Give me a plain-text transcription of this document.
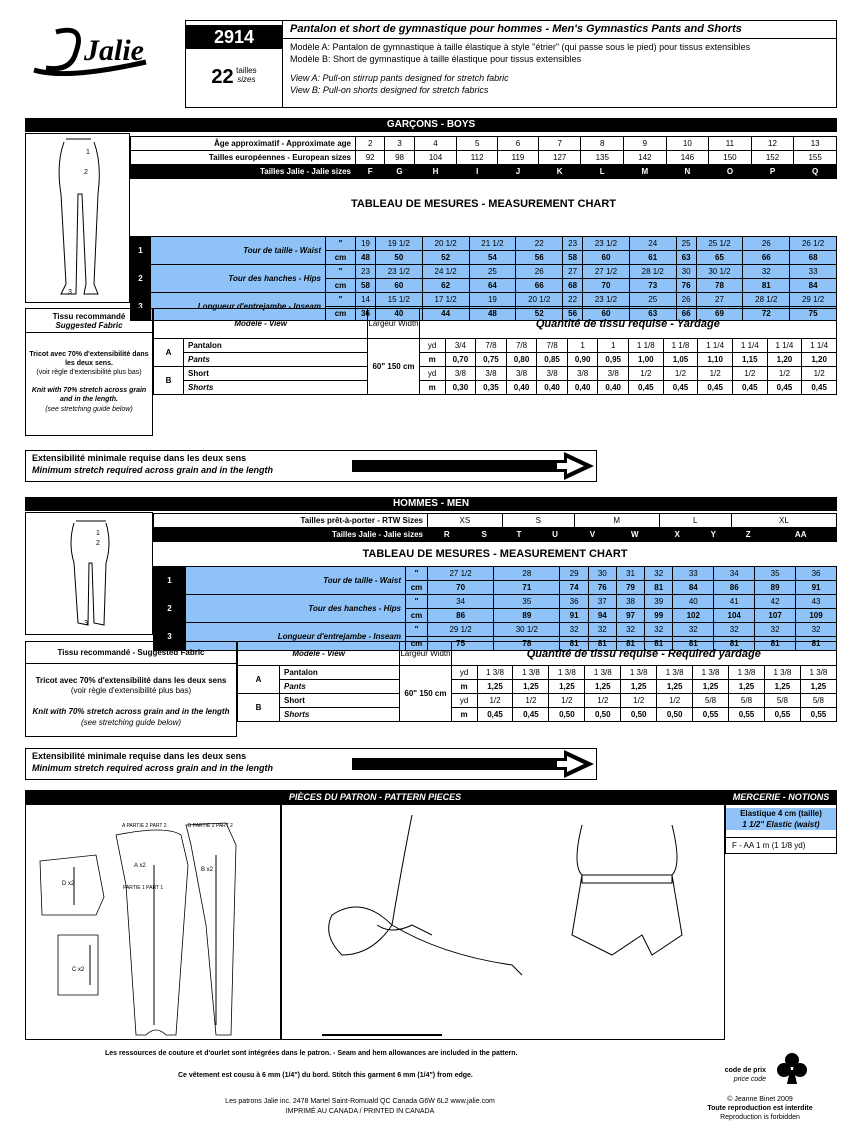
Jalie	2914
22 tailles
sizes
Pantalon et short de gymnastique pour hommes - Men's Gymnastics Pants and Shorts
Modèle A: Pantalon de gymnastique à taille élastique à style "étrier" (qui passe sous le pied) pour tissus extensibles
Modèle B: Short de gymnastique à taille élastique pour tissus extensibles
View A: Pull-on stirrup pants designed for stretch fabric
View B: Pull-on shorts designed for stretch fabrics
GARÇONS - BOYS
1
2
3
Âge approximatif - Approximate age	2	3	4	5	6	7	8	9	10	11	12	13
Tailles européennes - European sizes	92	98	104	112	119	127	135	142	146	150	152	155
Tailles Jalie - Jalie sizes	F	G	H	I	J	K	L	M	N	O	P	Q
TABLEAU DE MESURES - MEASUREMENT CHART
1	Tour de taille - Waist	"	19	19 1/2	20 1/2	21 1/2	22	23	23 1/2	24	25	25 1/2	26	26 1/2
		cm	48	50	52	54	56	58	60	61	63	65	66	68
2	Tour des hanches - Hips	"	23	23 1/2	24 1/2	25	26	27	27 1/2	28 1/2	30	30 1/2	32	33
		cm	58	60	62	64	66	68	70	73	76	78	81	84
3	Longueur d'entrejambe - Inseam	"	14	15 1/2	17 1/2	19	20 1/2	22	23 1/2	25	26	27	28 1/2	29 1/2
		cm	36	40	44	48	52	56	60	63	66	69	72	75
Tissu recommandé
Suggested Fabric
Tricot avec 70% d'extensibilité dans les deux sens.
(voir règle d'extensibilité plus bas)

Knit with 70% stretch across grain and in the length.
(see stretching guide below)
Modèle - View		Largeur Width	Quantité de tissu requise - Yardage												
A	Pantalon	60" 150 cm	yd	3/4	7/8	7/8	7/8	1	1	1 1/8	1 1/8	1 1/4	1 1/4	1 1/4	1 1/4
	Pants		m	0,70	0,75	0,80	0,85	0,90	0,95	1,00	1,05	1,10	1,15	1,20	1,20
B	Short		yd	3/8	3/8	3/8	3/8	3/8	3/8	1/2	1/2	1/2	1/2	1/2	1/2
	Shorts		m	0,30	0,35	0,40	0,40	0,40	0,40	0,45	0,45	0,45	0,45	0,45	0,45
Extensibilité minimale requise dans les deux sens
Minimum stretch required across grain and in the length
HOMMES - MEN
1
2
3
Tailles prêt-à-porter - RTW Sizes	XS		S		M		L		XL	
Tailles Jalie - Jalie sizes	R	S	T	U	V	W	X	Y	Z	AA
TABLEAU DE MESURES - MEASUREMENT CHART
1	Tour de taille - Waist	"	27 1/2	28	29	30	31	32	33	34	35	36
		cm	70	71	74	76	79	81	84	86	89	91
2	Tour des hanches - Hips	"	34	35	36	37	38	39	40	41	42	43
		cm	86	89	91	94	97	99	102	104	107	109
3	Longueur d'entrejambe - Inseam	"	29 1/2	30 1/2	32	32	32	32	32	32	32	32
		cm	75	78	81	81	81	81	81	81	81	81
Tissu recommandé - Suggested Fabric
Tricot avec 70% d'extensibilité dans les deux sens
(voir règle d'extensibilité plus bas)

Knit with 70% stretch across grain and in the length
(see stretching guide below)
Modèle - View		Largeur Width	Quantité de tissu requise - Required yardage										
A	Pantalon	60" 150 cm	yd	1 3/8	1 3/8	1 3/8	1 3/8	1 3/8	1 3/8	1 3/8	1 3/8	1 3/8	1 3/8
	Pants		m	1,25	1,25	1,25	1,25	1,25	1,25	1,25	1,25	1,25	1,25
B	Short		yd	1/2	1/2	1/2	1/2	1/2	1/2	5/8	5/8	5/8	5/8
	Shorts		m	0,45	0,45	0,50	0,50	0,50	0,50	0,55	0,55	0,55	0,55
Extensibilité minimale requise dans les deux sens
Minimum stretch required across grain and in the length
PIÈCES DU PATRON - PATTERN PIECES	MERCERIE - NOTIONS
D x2
C x2
A x2
PARTIE 1 PART 1
B x2
A PARTIE 2 PART 2	B PARTIE 2 PART 2
Elastique 4 cm (taille)
1 1/2" Elastic (waist)
F - AA 1 m (1 1/8 yd)
Les ressources de couture et d'ourlet sont intégrées dans le patron. - Seam and hem allowances are included in the pattern.
Ce vêtement est cousu à 6 mm (1/4") du bord. Stitch this garment 6 mm (1/4") from edge.
Les patrons Jalie inc. 2478 Martel Saint-Romuald QC Canada G6W 6L2 www.jalie.com
IMPRIMÉ AU CANADA / PRINTED IN CANADA
code de prix
price code
© Jeanne Binet 2009
Toute reproduction est interdite
Reproduction is forbidden
